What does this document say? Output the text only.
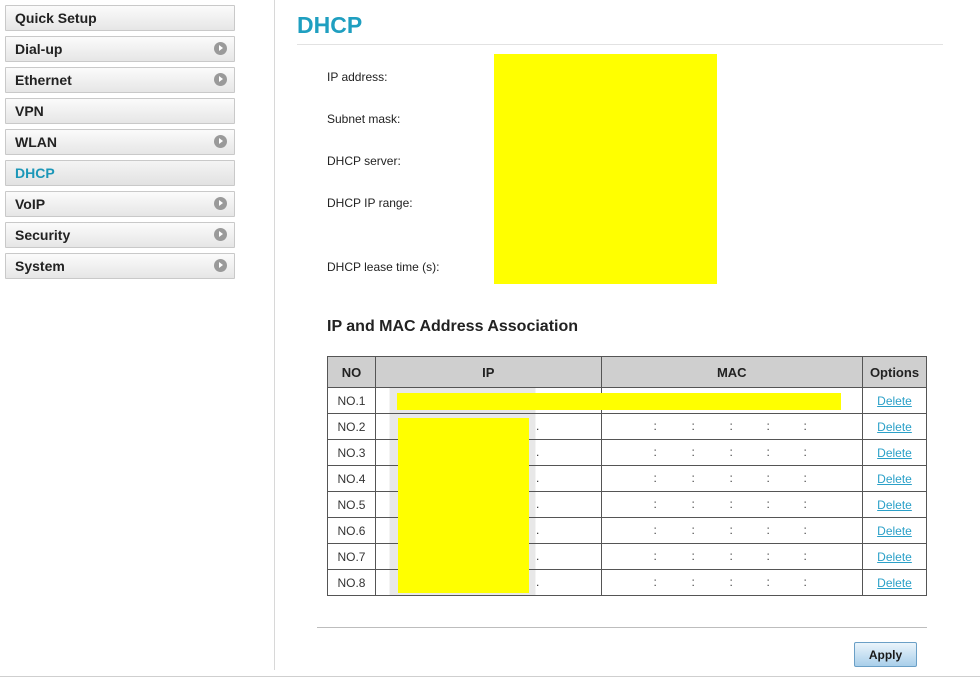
Quick Setup
Dial-up
Ethernet
VPN
WLAN
DHCP
VoIP
Security
System
DHCP
IP address:
Subnet mask:
DHCP server:
DHCP IP range:
DHCP lease time (s):
IP and MAC Address Association
NO	IP	MAC	Options
NO.1			Delete
NO.2	.	: : : : :	Delete
NO.3	.	: : : : :	Delete
NO.4	.	: : : : :	Delete
NO.5	.	: : : : :	Delete
NO.6	.	: : : : :	Delete
NO.7	.	: : : : :	Delete
NO.8	.	: : : : :	Delete
Apply
